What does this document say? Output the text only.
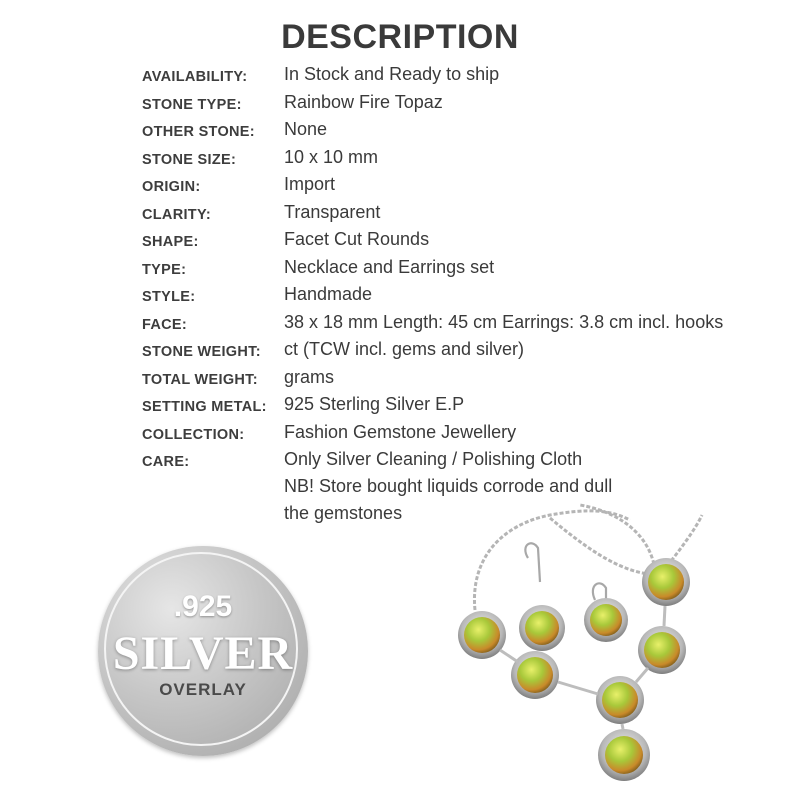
DESCRIPTION
AVAILABILITY: In Stock and Ready to ship
STONE TYPE: Rainbow Fire Topaz
OTHER STONE: None
STONE SIZE:	10 x 10 mm
ORIGIN:	Import
CLARITY:	Transparent
SHAPE:	Facet Cut Rounds
TYPE:	Necklace and Earrings set
STYLE:	Handmade
FACE:	38 x 18 mm Length: 45 cm Earrings: 3.8 cm incl. hooks
STONE WEIGHT: ct (TCW incl. gems and silver)
TOTAL WEIGHT: grams
SETTING METAL: 925 Sterling Silver E.P
COLLECTION: Fashion Gemstone Jewellery
CARE:	Only Silver Cleaning / Polishing Cloth
NB! Store bought liquids corrode and dull
the gemstones
.925
SILVER
OVERLAY
